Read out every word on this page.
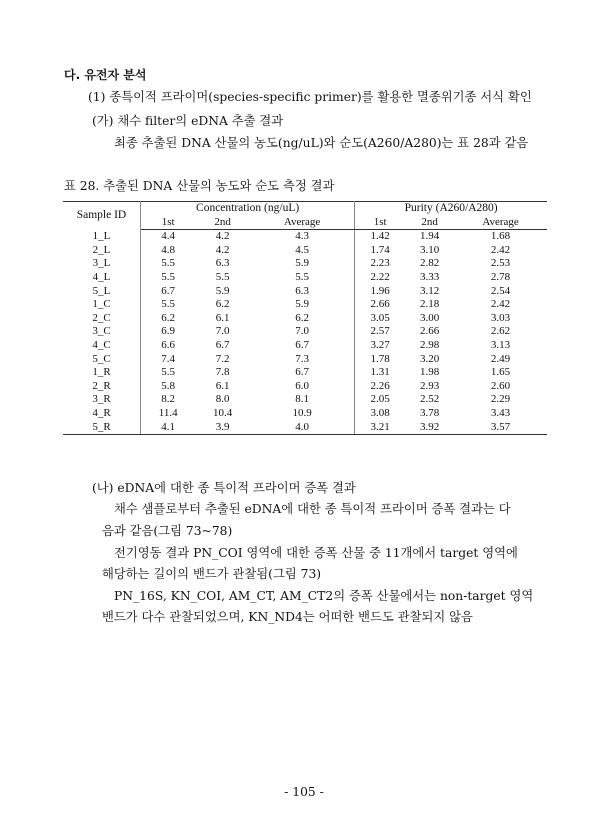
다. 유전자 분석
(1) 종특이적 프라이머(species-specific primer)를 활용한 멸종위기종 서식 확인
(가) 채수 filter의 eDNA 추출 결과
최종 추출된 DNA 산물의 농도(ng/uL)와 순도(A260/A280)는 표 28과 같음
표 28. 추출된 DNA 산물의 농도와 순도 측정 결과
Sample ID	Concentration (ng/uL)			Purity (A260/A280)		
	1st	2nd	Average	1st	2nd	Average
1_L	4.4	4.2	4.3	1.42	1.94	1.68
2_L	4.8	4.2	4.5	1.74	3.10	2.42
3_L	5.5	6.3	5.9	2.23	2.82	2.53
4_L	5.5	5.5	5.5	2.22	3.33	2.78
5_L	6.7	5.9	6.3	1.96	3.12	2.54
1_C	5.5	6.2	5.9	2.66	2.18	2.42
2_C	6.2	6.1	6.2	3.05	3.00	3.03
3_C	6.9	7.0	7.0	2.57	2.66	2.62
4_C	6.6	6.7	6.7	3.27	2.98	3.13
5_C	7.4	7.2	7.3	1.78	3.20	2.49
1_R	5.5	7.8	6.7	1.31	1.98	1.65
2_R	5.8	6.1	6.0	2.26	2.93	2.60
3_R	8.2	8.0	8.1	2.05	2.52	2.29
4_R	11.4	10.4	10.9	3.08	3.78	3.43
5_R	4.1	3.9	4.0	3.21	3.92	3.57
(나) eDNA에 대한 종 특이적 프라이머 증폭 결과
채수 샘플로부터 추출된 eDNA에 대한 종 특이적 프라이머 증폭 결과는 다
음과 같음(그림 73~78)
전기영동 결과 PN_COI 영역에 대한 증폭 산물 중 11개에서 target 영역에
해당하는 길이의 밴드가 관찰됨(그림 73)
PN_16S, KN_COI, AM_CT, AM_CT2의 증폭 산물에서는 non-target 영역
밴드가 다수 관찰되었으며, KN_ND4는 어떠한 밴드도 관찰되지 않음
- 105 -
